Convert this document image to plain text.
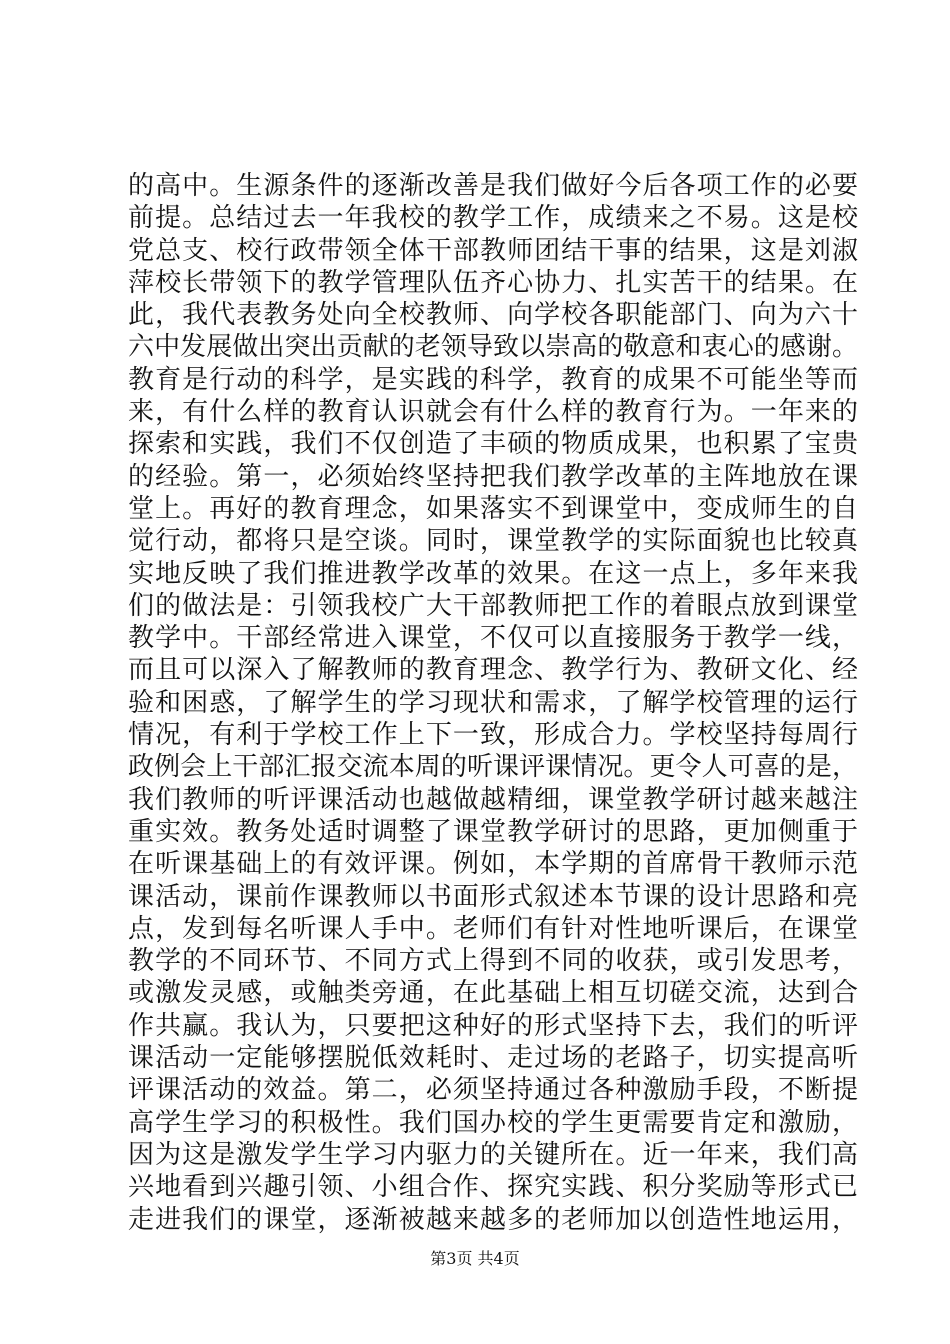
的高中。生源条件的逐渐改善是我们做好今后各项工作的必要
前提。总结过去一年我校的教学工作，成绩来之不易。这是校
党总支、校行政带领全体干部教师团结干事的结果，这是刘淑
萍校长带领下的教学管理队伍齐心协力、扎实苦干的结果。在
此，我代表教务处向全校教师、向学校各职能部门、向为六十
六中发展做出突出贡献的老领导致以崇高的敬意和衷心的感谢。
教育是行动的科学，是实践的科学，教育的成果不可能坐等而
来，有什么样的教育认识就会有什么样的教育行为。一年来的
探索和实践，我们不仅创造了丰硕的物质成果，也积累了宝贵
的经验。第一，必须始终坚持把我们教学改革的主阵地放在课
堂上。再好的教育理念，如果落实不到课堂中，变成师生的自
觉行动，都将只是空谈。同时，课堂教学的实际面貌也比较真
实地反映了我们推进教学改革的效果。在这一点上，多年来我
们的做法是：引领我校广大干部教师把工作的着眼点放到课堂
教学中。干部经常进入课堂，不仅可以直接服务于教学一线，
而且可以深入了解教师的教育理念、教学行为、教研文化、经
验和困惑，了解学生的学习现状和需求，了解学校管理的运行
情况，有利于学校工作上下一致，形成合力。学校坚持每周行
政例会上干部汇报交流本周的听课评课情况。更令人可喜的是，
我们教师的听评课活动也越做越精细，课堂教学研讨越来越注
重实效。教务处适时调整了课堂教学研讨的思路，更加侧重于
在听课基础上的有效评课。例如，本学期的首席骨干教师示范
课活动，课前作课教师以书面形式叙述本节课的设计思路和亮
点，发到每名听课人手中。老师们有针对性地听课后，在课堂
教学的不同环节、不同方式上得到不同的收获，或引发思考，
或激发灵感，或触类旁通，在此基础上相互切磋交流，达到合
作共赢。我认为，只要把这种好的形式坚持下去，我们的听评
课活动一定能够摆脱低效耗时、走过场的老路子，切实提高听
评课活动的效益。第二，必须坚持通过各种激励手段，不断提
高学生学习的积极性。我们国办校的学生更需要肯定和激励，
因为这是激发学生学习内驱力的关键所在。近一年来，我们高
兴地看到兴趣引领、小组合作、探究实践、积分奖励等形式已
走进我们的课堂，逐渐被越来越多的老师加以创造性地运用，
第3页 共4页
